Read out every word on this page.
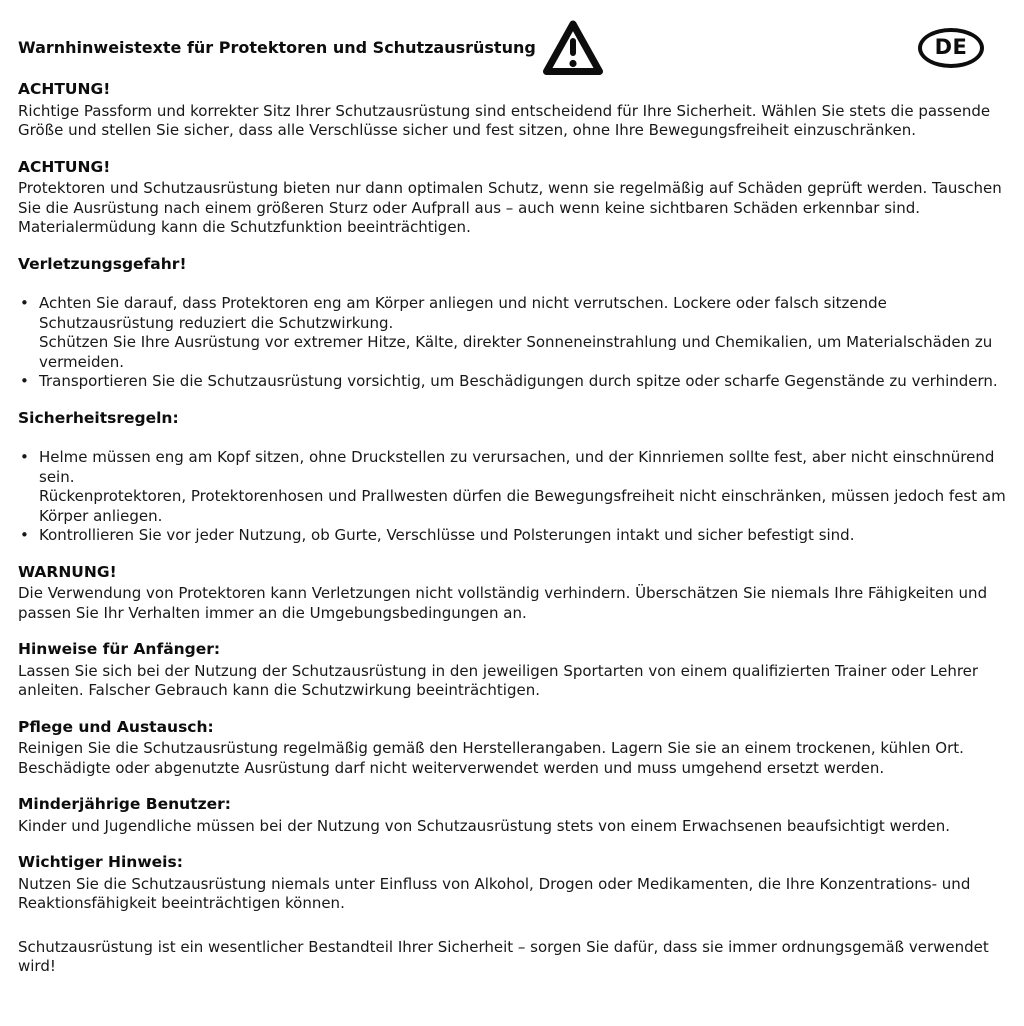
Warnhinweistexte für Protektoren und Schutzausrüstung	DE
ACHTUNG!

Richtige Passform und korrekter Sitz Ihrer Schutzausrüstung sind entscheidend für Ihre Sicherheit. Wählen Sie stets die passende Größe und stellen Sie sicher, dass alle Verschlüsse sicher und fest sitzen, ohne Ihre Bewegungsfreiheit einzuschränken.

ACHTUNG!

Protektoren und Schutzausrüstung bieten nur dann optimalen Schutz, wenn sie regelmäßig auf Schäden geprüft werden. Tauschen Sie die Ausrüstung nach einem größeren Sturz oder Aufprall aus – auch wenn keine sichtbaren Schäden erkennbar sind. Materialermüdung kann die Schutzfunktion beeinträchtigen.

Verletzungsgefahr!
• Achten Sie darauf, dass Protektoren eng am Körper anliegen und nicht verrutschen. Lockere oder falsch sitzende Schutzausrüstung reduziert die Schutzwirkung.
Schützen Sie Ihre Ausrüstung vor extremer Hitze, Kälte, direkter Sonneneinstrahlung und Chemikalien, um Materialschäden zu vermeiden.
• Transportieren Sie die Schutzausrüstung vorsichtig, um Beschädigungen durch spitze oder scharfe Gegenstände zu verhindern.
Sicherheitsregeln:
• Helme müssen eng am Kopf sitzen, ohne Druckstellen zu verursachen, und der Kinnriemen sollte fest, aber nicht einschnürend sein.
Rückenprotektoren, Protektorenhosen und Prallwesten dürfen die Bewegungsfreiheit nicht einschränken, müssen jedoch fest am Körper anliegen.
• Kontrollieren Sie vor jeder Nutzung, ob Gurte, Verschlüsse und Polsterungen intakt und sicher befestigt sind.
WARNUNG!

Die Verwendung von Protektoren kann Verletzungen nicht vollständig verhindern. Überschätzen Sie niemals Ihre Fähigkeiten und passen Sie Ihr Verhalten immer an die Umgebungsbedingungen an.

Hinweise für Anfänger:

Lassen Sie sich bei der Nutzung der Schutzausrüstung in den jeweiligen Sportarten von einem qualifizierten Trainer oder Lehrer anleiten. Falscher Gebrauch kann die Schutzwirkung beeinträchtigen.

Pflege und Austausch:

Reinigen Sie die Schutzausrüstung regelmäßig gemäß den Herstellerangaben. Lagern Sie sie an einem trockenen, kühlen Ort. Beschädigte oder abgenutzte Ausrüstung darf nicht weiterverwendet werden und muss umgehend ersetzt werden.

Minderjährige Benutzer:

Kinder und Jugendliche müssen bei der Nutzung von Schutzausrüstung stets von einem Erwachsenen beaufsichtigt werden.

Wichtiger Hinweis:

Nutzen Sie die Schutzausrüstung niemals unter Einfluss von Alkohol, Drogen oder Medikamenten, die Ihre Konzentrations- und Reaktionsfähigkeit beeinträchtigen können.

Schutzausrüstung ist ein wesentlicher Bestandteil Ihrer Sicherheit – sorgen Sie dafür, dass sie immer ordnungsgemäß verwendet wird!
